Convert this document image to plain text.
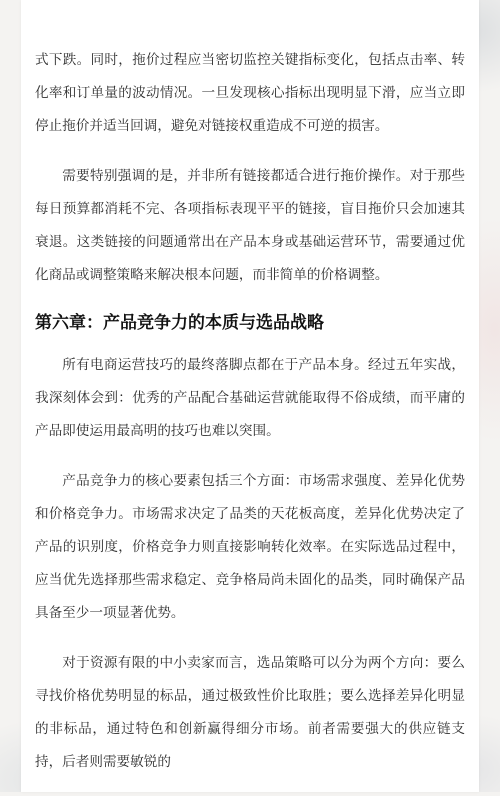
式下跌。同时，拖价过程应当密切监控关键指标变化，包括点击率、转化率和订单量的波动情况。一旦发现核心指标出现明显下滑，应当立即停止拖价并适当回调，避免对链接权重造成不可逆的损害。

需要特别强调的是，并非所有链接都适合进行拖价操作。对于那些每日预算都消耗不完、各项指标表现平平的链接，盲目拖价只会加速其衰退。这类链接的问题通常出在产品本身或基础运营环节，需要通过优化商品或调整策略来解决根本问题，而非简单的价格调整。

第六章：产品竞争力的本质与选品战略

所有电商运营技巧的最终落脚点都在于产品本身。经过五年实战，我深刻体会到：优秀的产品配合基础运营就能取得不俗成绩，而平庸的产品即使运用最高明的技巧也难以突围。

产品竞争力的核心要素包括三个方面：市场需求强度、差异化优势和价格竞争力。市场需求决定了品类的天花板高度，差异化优势决定了产品的识别度，价格竞争力则直接影响转化效率。在实际选品过程中，应当优先选择那些需求稳定、竞争格局尚未固化的品类，同时确保产品具备至少一项显著优势。

对于资源有限的中小卖家而言，选品策略可以分为两个方向：要么寻找价格优势明显的标品，通过极致性价比取胜；要么选择差异化明显的非标品，通过特色和创新赢得细分市场。前者需要强大的供应链支持，后者则需要敏锐的
